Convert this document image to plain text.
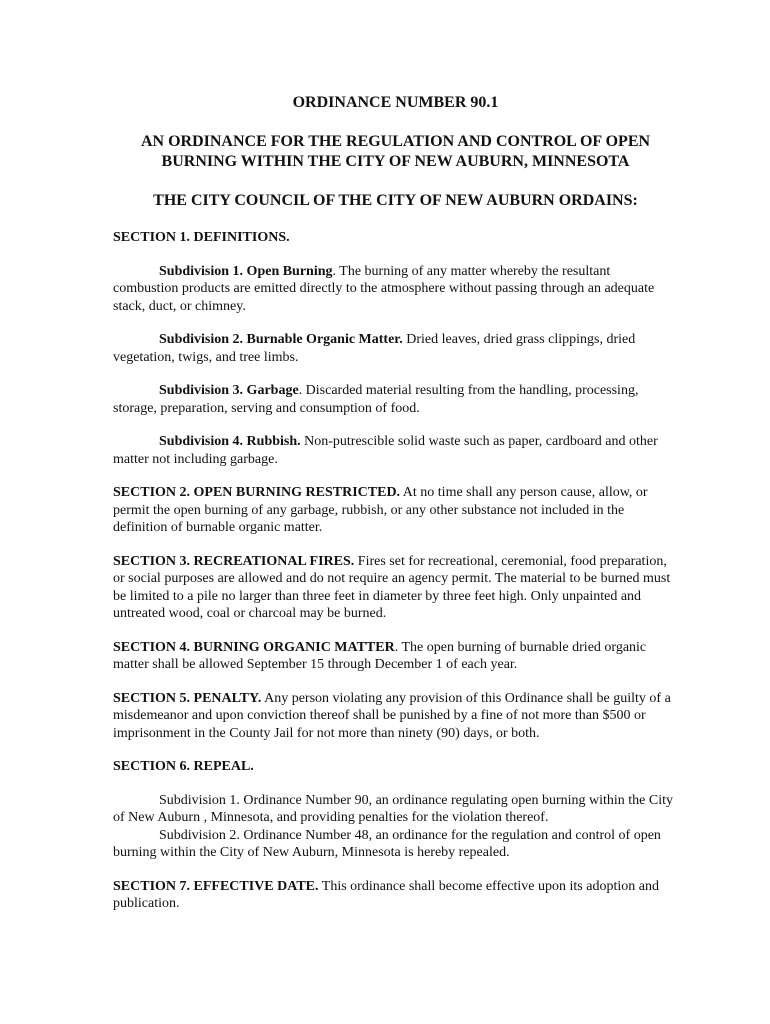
ORDINANCE NUMBER 90.1
AN ORDINANCE FOR THE REGULATION AND CONTROL OF OPEN
BURNING WITHIN THE CITY OF NEW AUBURN, MINNESOTA
THE CITY COUNCIL OF THE CITY OF NEW AUBURN ORDAINS:

SECTION 1. DEFINITIONS.

Subdivision 1. Open Burning. The burning of any matter whereby the resultant combustion products are emitted directly to the atmosphere without passing through an adequate stack, duct, or chimney.

Subdivision 2. Burnable Organic Matter. Dried leaves, dried grass clippings, dried vegetation, twigs, and tree limbs.

Subdivision 3. Garbage. Discarded material resulting from the handling, processing, storage, preparation, serving and consumption of food.

Subdivision 4. Rubbish. Non-putrescible solid waste such as paper, cardboard and other matter not including garbage.

SECTION 2. OPEN BURNING RESTRICTED. At no time shall any person cause, allow, or permit the open burning of any garbage, rubbish, or any other substance not included in the definition of burnable organic matter.

SECTION 3. RECREATIONAL FIRES. Fires set for recreational, ceremonial, food preparation, or social purposes are allowed and do not require an agency permit. The material to be burned must be limited to a pile no larger than three feet in diameter by three feet high. Only unpainted and untreated wood, coal or charcoal may be burned.

SECTION 4. BURNING ORGANIC MATTER. The open burning of burnable dried organic matter shall be allowed September 15 through December 1 of each year.

SECTION 5. PENALTY. Any person violating any provision of this Ordinance shall be guilty of a misdemeanor and upon conviction thereof shall be punished by a fine of not more than $500 or imprisonment in the County Jail for not more than ninety (90) days, or both.

SECTION 6. REPEAL.

Subdivision 1. Ordinance Number 90, an ordinance regulating open burning within the City of New Auburn , Minnesota, and providing penalties for the violation thereof.

Subdivision 2. Ordinance Number 48, an ordinance for the regulation and control of open burning within the City of New Auburn, Minnesota is hereby repealed.

SECTION 7. EFFECTIVE DATE. This ordinance shall become effective upon its adoption and publication.
